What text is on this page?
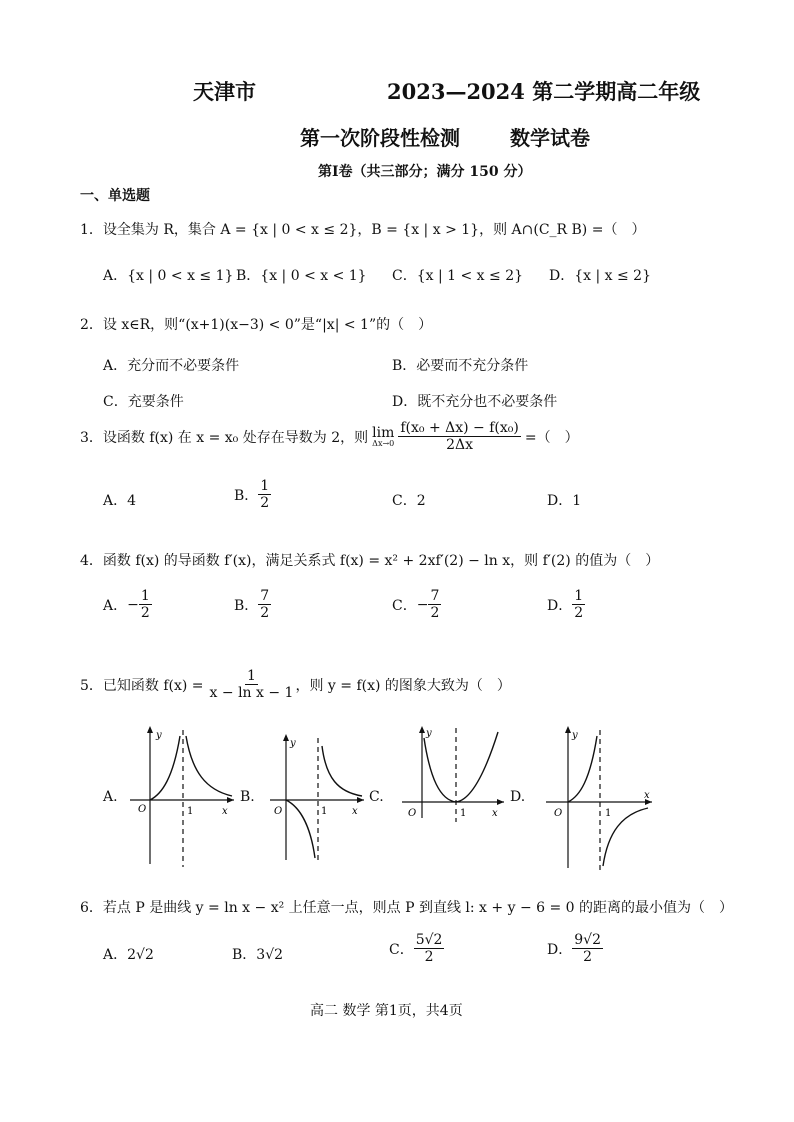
天津市	2023—2024 第二学期高二年级
第一次阶段性检测	数学试卷
第Ⅰ卷（共三部分；满分 150 分）
一、单选题
1．设全集为 R，集合 A = {x | 0 < x ≤ 2}，B = {x | x > 1}，则 A∩(C_R B) =（　）
A．{x | 0 < x ≤ 1} B．{x | 0 < x < 1} C．{x | 1 < x ≤ 2} D．{x | x ≤ 2}
2．设 x∈R，则“(x+1)(x−3) < 0”是“|x| < 1”的（　）
A．充分而不必要条件	B．必要而不充分条件
C．充要条件	D．既不充分也不必要条件
3．设函数 f(x) 在 x = x₀ 处存在导数为 2，则 lim
$\Delta x\to 0 \frac{\text{f(x₀ + Δx) − f(x₀)}}{2\Delta x}$ =（　）
A．4	B． $\frac{1}{2}$	C．2	D．1
4．函数 f(x) 的导函数 f′(x)，满足关系式 f(x) = x² + 2xf′(2) − ln x，则 f′(2) 的值为（　）
A． − $\frac{1}{2}$	B． $\frac{7}{2}$	C． − $\frac{7}{2}$	D． $\frac{1}{2}$
5．已知函数 $f(x) = \frac{1}{\text{x − ln x − 1}}$ ，则 y = f(x) 的图象大致为（　）
A.	B.	C.	D.
y
x
O	1
y
x
O	1
y
x
O	1
y
x
O	1
6．若点 P 是曲线 y = ln x − x² 上任意一点，则点 P 到直线 l: x + y − 6 = 0 的距离的最小值为（　）
A．2√2	B．3√2	C． $\frac{5√2}{2}$	D． $\frac{9√2}{2}$
高二 数学 第1页，共4页
